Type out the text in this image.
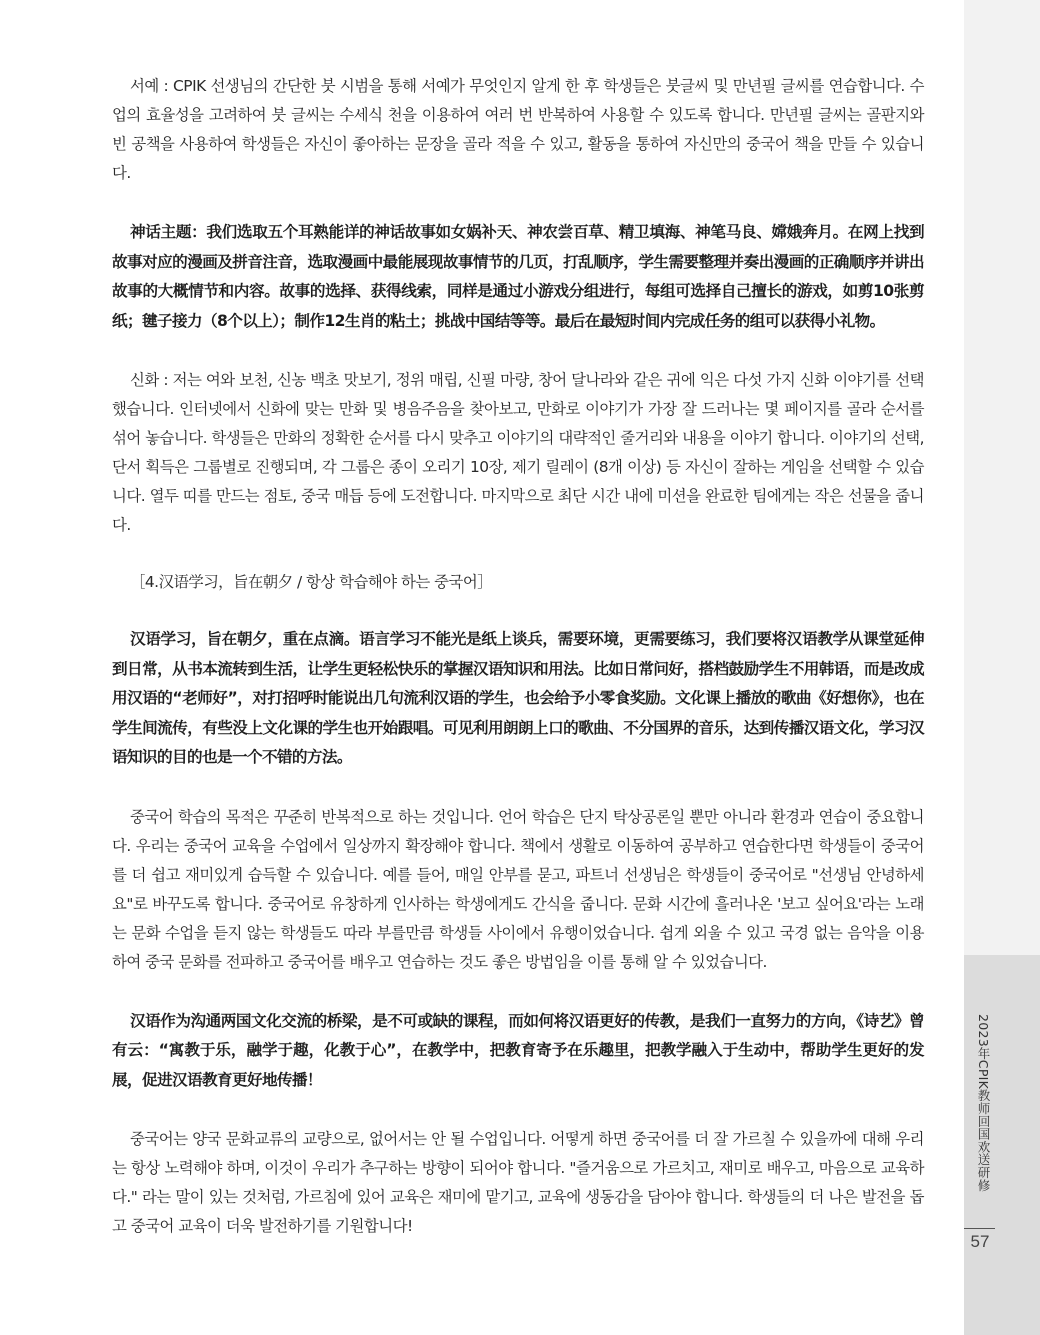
2023年CPIK教师回国欢送研修
57

서예 : CPIK 선생님의 간단한 붓 시범을 통해 서예가 무엇인지 알게 한 후 학생들은 붓글씨 및 만년필 글씨를 연습합니다. 수업의 효율성을 고려하여 붓 글씨는 수세식 천을 이용하여 여러 번 반복하여 사용할 수 있도록 합니다. 만년필 글씨는 골판지와 빈 공책을 사용하여 학생들은 자신이 좋아하는 문장을 골라 적을 수 있고, 활동을 통하여 자신만의 중국어 책을 만들 수 있습니다.

神话主题：我们选取五个耳熟能详的神话故事如女娲补天、神农尝百草、精卫填海、神笔马良、嫦娥奔月。在网上找到故事对应的漫画及拼音注音，选取漫画中最能展现故事情节的几页，打乱顺序，学生需要整理并奏出漫画的正确顺序并讲出故事的大概情节和内容。故事的选择、获得线索，同样是通过小游戏分组进行，每组可选择自己擅长的游戏，如剪10张剪纸；毽子接力（8个以上）；制作12生肖的粘土；挑战中国结等等。最后在最短时间内完成任务的组可以获得小礼物。

신화 : 저는 여와 보천, 신농 백초 맛보기, 정위 매립, 신필 마량, 창어 달나라와 같은 귀에 익은 다섯 가지 신화 이야기를 선택했습니다. 인터넷에서 신화에 맞는 만화 및 병음주음을 찾아보고, 만화로 이야기가 가장 잘 드러나는 몇 페이지를 골라 순서를 섞어 놓습니다. 학생들은 만화의 정확한 순서를 다시 맞추고 이야기의 대략적인 줄거리와 내용을 이야기 합니다. 이야기의 선택, 단서 획득은 그룹별로 진행되며, 각 그룹은 종이 오리기 10장, 제기 릴레이 (8개 이상) 등 자신이 잘하는 게임을 선택할 수 있습니다. 열두 띠를 만드는 점토, 중국 매듭 등에 도전합니다. 마지막으로 최단 시간 내에 미션을 완료한 팀에게는 작은 선물을 줍니다.

［4.汉语学习，旨在朝夕 / 항상 학습해야 하는 중국어］

汉语学习，旨在朝夕，重在点滴。语言学习不能光是纸上谈兵，需要环境，更需要练习，我们要将汉语教学从课堂延伸到日常，从书本流转到生活，让学生更轻松快乐的掌握汉语知识和用法。比如日常问好，搭档鼓励学生不用韩语，而是改成用汉语的“老师好”，对打招呼时能说出几句流利汉语的学生，也会给予小零食奖励。文化课上播放的歌曲《好想你》，也在学生间流传，有些没上文化课的学生也开始跟唱。可见利用朗朗上口的歌曲、不分国界的音乐，达到传播汉语文化，学习汉语知识的目的也是一个不错的方法。

중국어 학습의 목적은 꾸준히 반복적으로 하는 것입니다. 언어 학습은 단지 탁상공론일 뿐만 아니라 환경과 연습이 중요합니다. 우리는 중국어 교육을 수업에서 일상까지 확장해야 합니다. 책에서 생활로 이동하여 공부하고 연습한다면 학생들이 중국어를 더 쉽고 재미있게 습득할 수 있습니다. 예를 들어, 매일 안부를 묻고, 파트너 선생님은 학생들이 중국어로 "선생님 안녕하세요"로 바꾸도록 합니다. 중국어로 유창하게 인사하는 학생에게도 간식을 줍니다. 문화 시간에 흘러나온 '보고 싶어요'라는 노래는 문화 수업을 듣지 않는 학생들도 따라 부를만큼 학생들 사이에서 유행이었습니다. 쉽게 외울 수 있고 국경 없는 음악을 이용하여 중국 문화를 전파하고 중국어를 배우고 연습하는 것도 좋은 방법임을 이를 통해 알 수 있었습니다.

汉语作为沟通两国文化交流的桥梁，是不可或缺的课程，而如何将汉语更好的传教，是我们一直努力的方向，《诗艺》曾有云：“寓教于乐，融学于趣，化教于心”，在教学中，把教育寄予在乐趣里，把教学融入于生动中，帮助学生更好的发展，促进汉语教育更好地传播！

중국어는 양국 문화교류의 교량으로, 없어서는 안 될 수업입니다. 어떻게 하면 중국어를 더 잘 가르칠 수 있을까에 대해 우리는 항상 노력해야 하며, 이것이 우리가 추구하는 방향이 되어야 합니다. "즐거움으로 가르치고, 재미로 배우고, 마음으로 교육하다." 라는 말이 있는 것처럼, 가르침에 있어 교육은 재미에 맡기고, 교육에 생동감을 담아야 합니다. 학생들의 더 나은 발전을 돕고 중국어 교육이 더욱 발전하기를 기원합니다!
